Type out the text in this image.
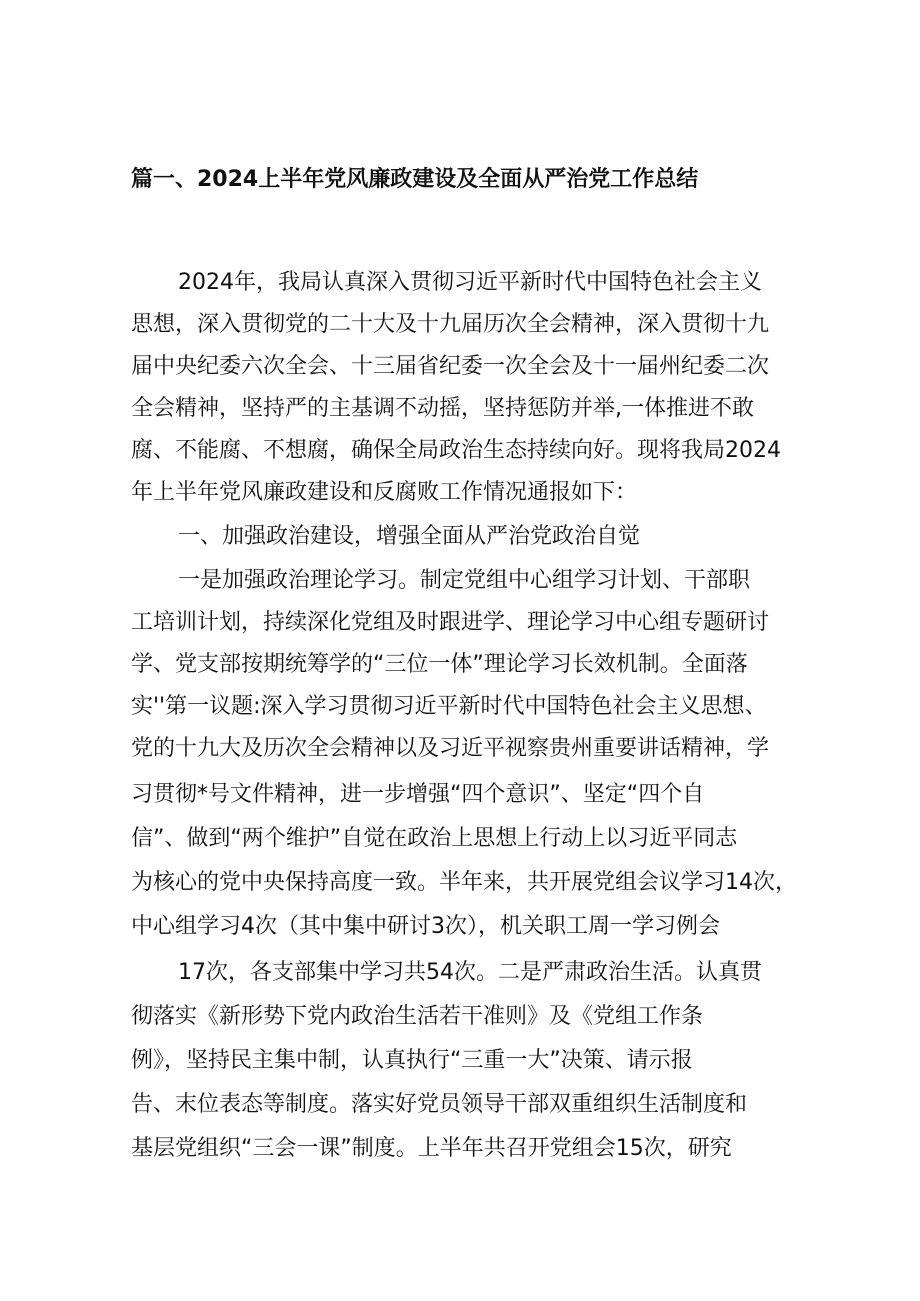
篇一、2024上半年党风廉政建设及全面从严治党工作总结
2024年，我局认真深入贯彻习近平新时代中国特色社会主义
思想，深入贯彻党的二十大及十九届历次全会精神，深入贯彻十九
届中央纪委六次全会、十三届省纪委一次全会及十一届州纪委二次
全会精神，坚持严的主基调不动摇，坚持惩防并举,一体推进不敢
腐、不能腐、不想腐，确保全局政治生态持续向好。现将我局2024
年上半年党风廉政建设和反腐败工作情况通报如下：
一、加强政治建设，增强全面从严治党政治自觉
一是加强政治理论学习。制定党组中心组学习计划、干部职
工培训计划，持续深化党组及时跟进学、理论学习中心组专题研讨
学、党支部按期统筹学的“三位一体”理论学习长效机制。全面落
实''第一议题:深入学习贯彻习近平新时代中国特色社会主义思想、
党的十九大及历次全会精神以及习近平视察贵州重要讲话精神，学
习贯彻*号文件精神，进一步增强“四个意识”、坚定“四个自
信”、做到“两个维护”自觉在政治上思想上行动上以习近平同志
为核心的党中央保持高度一致。半年来，共开展党组会议学习14次，
中心组学习4次（其中集中研讨3次），机关职工周一学习例会
17次，各支部集中学习共54次。二是严肃政治生活。认真贯
彻落实《新形势下党内政治生活若干准则》及《党组工作条
例》，坚持民主集中制，认真执行“三重一大”决策、请示报
告、末位表态等制度。落实好党员领导干部双重组织生活制度和
基层党组织“三会一课”制度。上半年共召开党组会15次，研究
